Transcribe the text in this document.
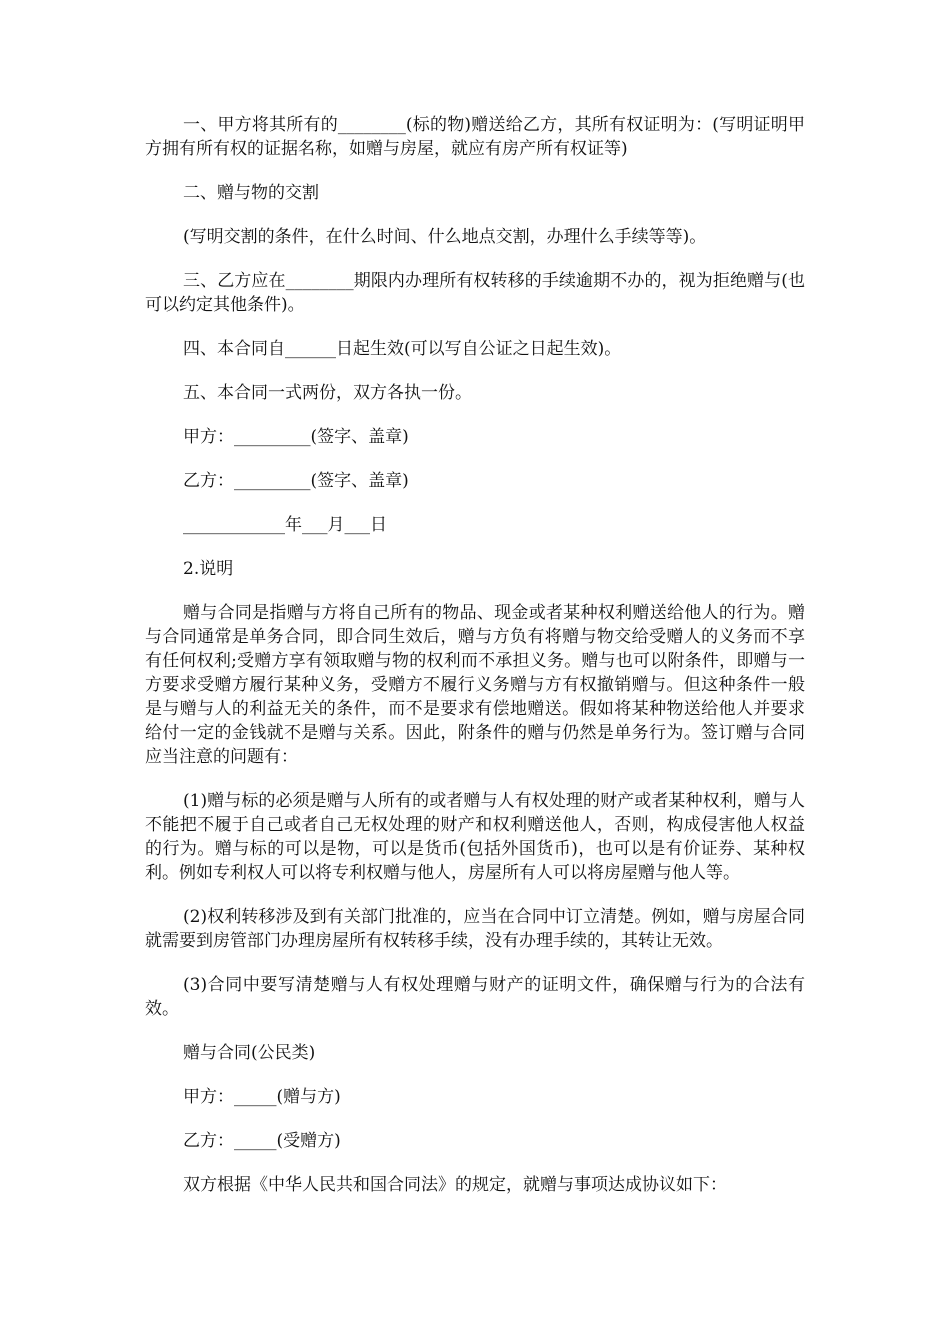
一、甲方将其所有的________(标的物)赠送给乙方，其所有权证明为：(写明证明甲方拥有所有权的证据名称，如赠与房屋，就应有房产所有权证等)

二、赠与物的交割

(写明交割的条件，在什么时间、什么地点交割，办理什么手续等等)。

三、乙方应在________期限内办理所有权转移的手续逾期不办的，视为拒绝赠与(也可以约定其他条件)。

四、本合同自______日起生效(可以写自公证之日起生效)。

五、本合同一式两份，双方各执一份。

甲方：_________(签字、盖章)

乙方：_________(签字、盖章)

____________年___月___日

2.说明

赠与合同是指赠与方将自己所有的物品、现金或者某种权利赠送给他人的行为。赠与合同通常是单务合同，即合同生效后，赠与方负有将赠与物交给受赠人的义务而不享有任何权利;受赠方享有领取赠与物的权利而不承担义务。赠与也可以附条件，即赠与一方要求受赠方履行某种义务，受赠方不履行义务赠与方有权撤销赠与。但这种条件一般是与赠与人的利益无关的条件，而不是要求有偿地赠送。假如将某种物送给他人并要求给付一定的金钱就不是赠与关系。因此，附条件的赠与仍然是单务行为。签订赠与合同应当注意的问题有：

(1)赠与标的必须是赠与人所有的或者赠与人有权处理的财产或者某种权利，赠与人不能把不履于自己或者自己无权处理的财产和权利赠送他人，否则，构成侵害他人权益的行为。赠与标的可以是物，可以是货币(包括外国货币)，也可以是有价证券、某种权利。例如专利权人可以将专利权赠与他人，房屋所有人可以将房屋赠与他人等。

(2)权利转移涉及到有关部门批准的，应当在合同中订立清楚。例如，赠与房屋合同就需要到房管部门办理房屋所有权转移手续，没有办理手续的，其转让无效。

(3)合同中要写清楚赠与人有权处理赠与财产的证明文件，确保赠与行为的合法有效。

赠与合同(公民类)

甲方：_____(赠与方)

乙方：_____(受赠方)

双方根据《中华人民共和国合同法》的规定，就赠与事项达成协议如下：
